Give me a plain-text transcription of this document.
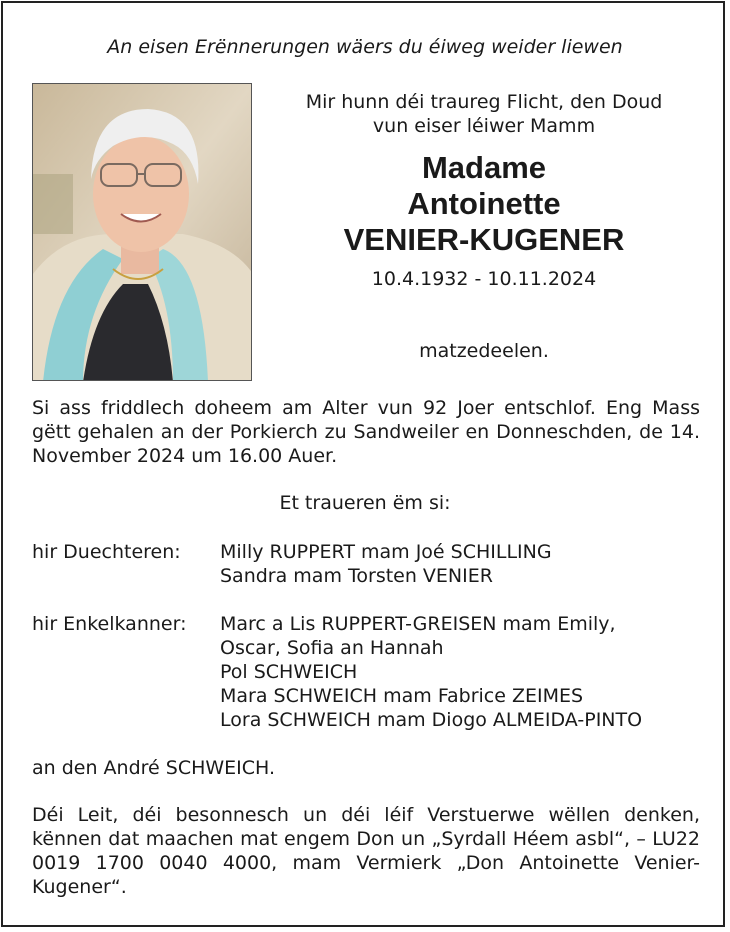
An eisen Erënnerungen wäers du éiweg weider liewen

Mir hunn déi traureg Flicht, den Doud

vun eiser léiwer Mamm

Madame

Antoinette

VENIER-KUGENER

10.4.1932 - 10.11.2024
matzedeelen.

Si ass friddlech doheem am Alter vun 92 Joer entschlof. Eng Mass gëtt gehalen an der Porkierch zu Sandweiler en Donneschden, de 14. November 2024 um 16.00 Auer.

Et traueren ëm si:
hir Duechteren: Milly RUPPERT mam Joé SCHILLING
Sandra mam Torsten VENIER
hir Enkelkanner: Marc a Lis RUPPERT-GREISEN mam Emily,
Oscar, Sofia an Hannah
Pol SCHWEICH
Mara SCHWEICH mam Fabrice ZEIMES
Lora SCHWEICH mam Diogo ALMEIDA-PINTO
an den André SCHWEICH.

Déi Leit, déi besonnesch un déi léif Verstuerwe wëllen denken, kënnen dat maachen mat engem Don un „Syrdall Héem asbl“, – LU22 0019 1700 0040 4000, mam Vermierk „Don Antoinette Venier-Kugener“.
